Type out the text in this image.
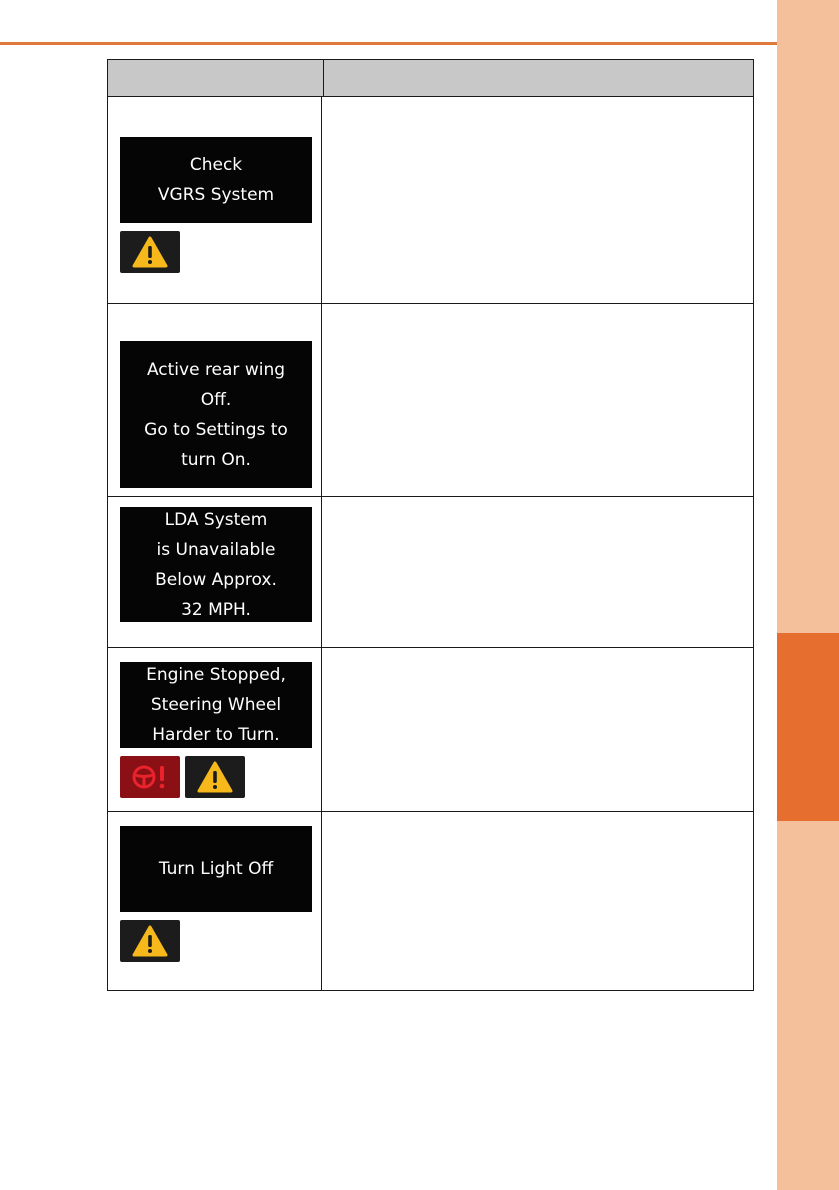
Check
VGRS System
Active rear wing
Off.
Go to Settings to
turn On.
LDA System
is Unavailable
Below Approx.
32 MPH.
Engine Stopped,
Steering Wheel
Harder to Turn.
Turn Light Off
